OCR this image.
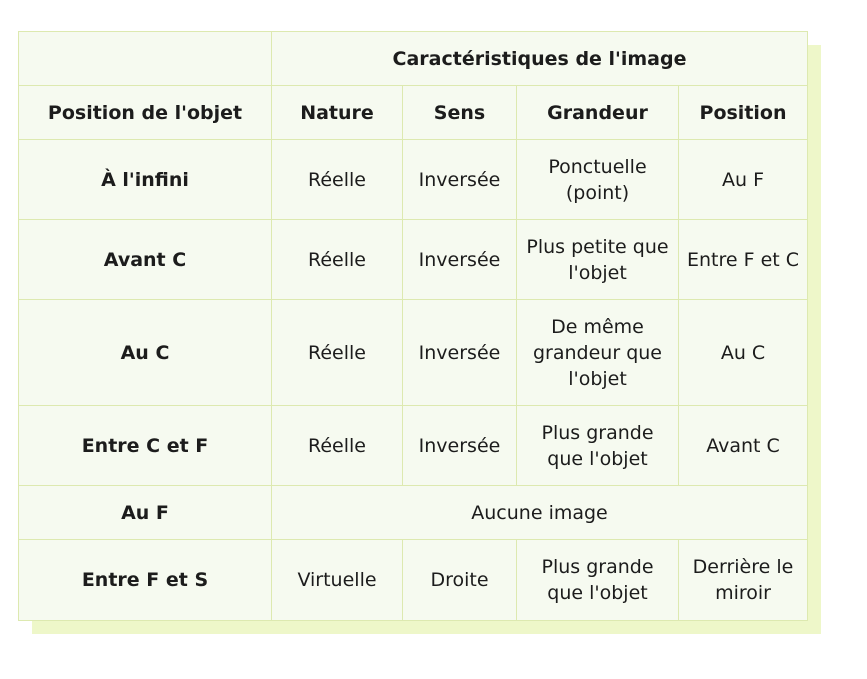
	Caractéristiques de l'image			
Position de l'objet	Nature	Sens	Grandeur	Position
À l'infini	Réelle	Inversée	Ponctuelle (point)	Au F
Avant C	Réelle	Inversée	Plus petite que l'objet	Entre F et C
Au C	Réelle	Inversée	De même grandeur que l'objet	Au C
Entre C et F	Réelle	Inversée	Plus grande que l'objet	Avant C
Au F	Aucune image			
Entre F et S	Virtuelle	Droite	Plus grande que l'objet	Derrière le miroir
